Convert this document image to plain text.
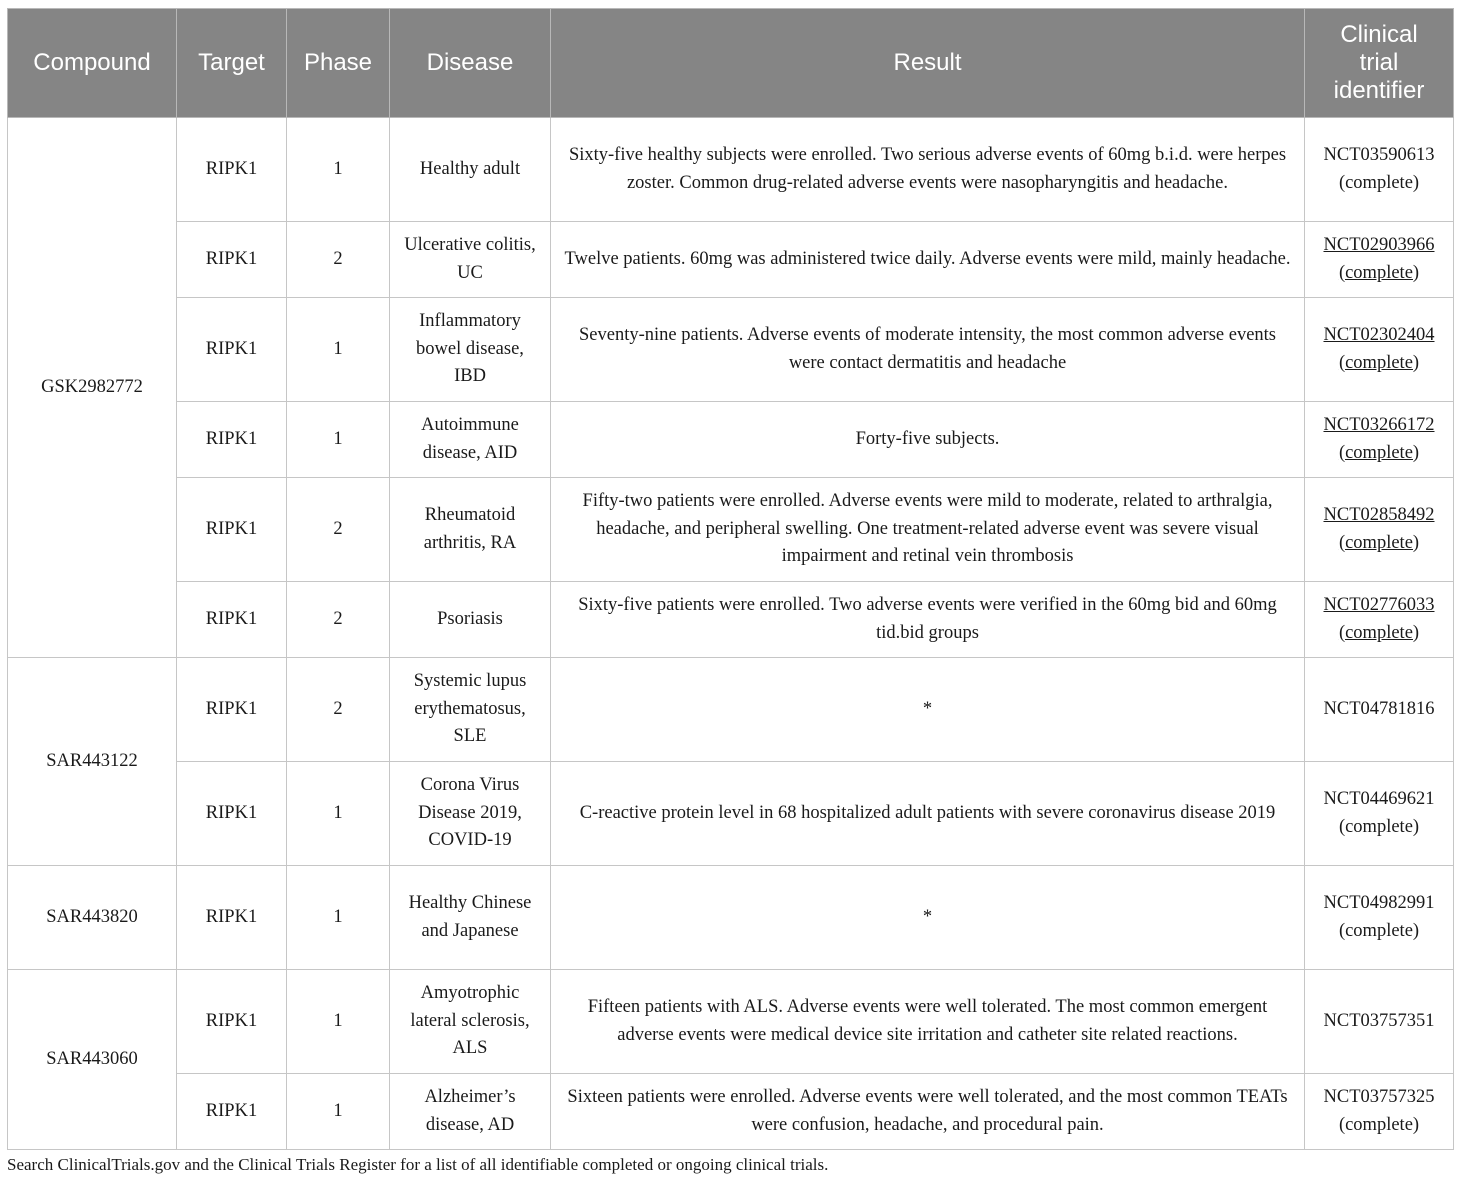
Compound	Target	Phase	Disease	Result	Clinical
trial
identifier

GSK2982772	RIPK1	1	Healthy adult	Sixty-five healthy subjects were enrolled. Two serious adverse events of 60mg b.i.d. were herpes zoster. Common drug-related adverse events were nasopharyngitis and headache.	NCT03590613
(complete)

	RIPK1	2	Ulcerative colitis, UC	Twelve patients. 60mg was administered twice daily. Adverse events were mild, mainly headache.	NCT02903966
(complete)

	RIPK1	1	Inflammatory bowel disease, IBD	Seventy-nine patients. Adverse events of moderate intensity, the most common adverse events were contact dermatitis and headache	NCT02302404
(complete)

	RIPK1	1	Autoimmune disease, AID	Forty-five subjects.	NCT03266172
(complete)

	RIPK1	2	Rheumatoid arthritis, RA	Fifty-two patients were enrolled. Adverse events were mild to moderate, related to arthralgia, headache, and peripheral swelling. One treatment-related adverse event was severe visual impairment and retinal vein thrombosis	NCT02858492
(complete)

	RIPK1	2	Psoriasis	Sixty-five patients were enrolled. Two adverse events were verified in the 60mg bid and 60mg tid.bid groups	NCT02776033
(complete)

SAR443122	RIPK1	2	Systemic lupus erythematosus, SLE	*	NCT04781816

	RIPK1	1	Corona Virus Disease 2019, COVID-19	C-reactive protein level in 68 hospitalized adult patients with severe coronavirus disease 2019	NCT04469621
(complete)

SAR443820	RIPK1	1	Healthy Chinese and Japanese	*	NCT04982991
(complete)

SAR443060	RIPK1	1	Amyotrophic lateral sclerosis, ALS	Fifteen patients with ALS. Adverse events were well tolerated. The most common emergent adverse events were medical device site irritation and catheter site related reactions.	NCT03757351

	RIPK1	1	Alzheimer’s disease, AD	Sixteen patients were enrolled. Adverse events were well tolerated, and the most common TEATs were confusion, headache, and procedural pain.	NCT03757325
(complete)
Search ClinicalTrials.gov and the Clinical Trials Register for a list of all identifiable completed or ongoing clinical trials.
